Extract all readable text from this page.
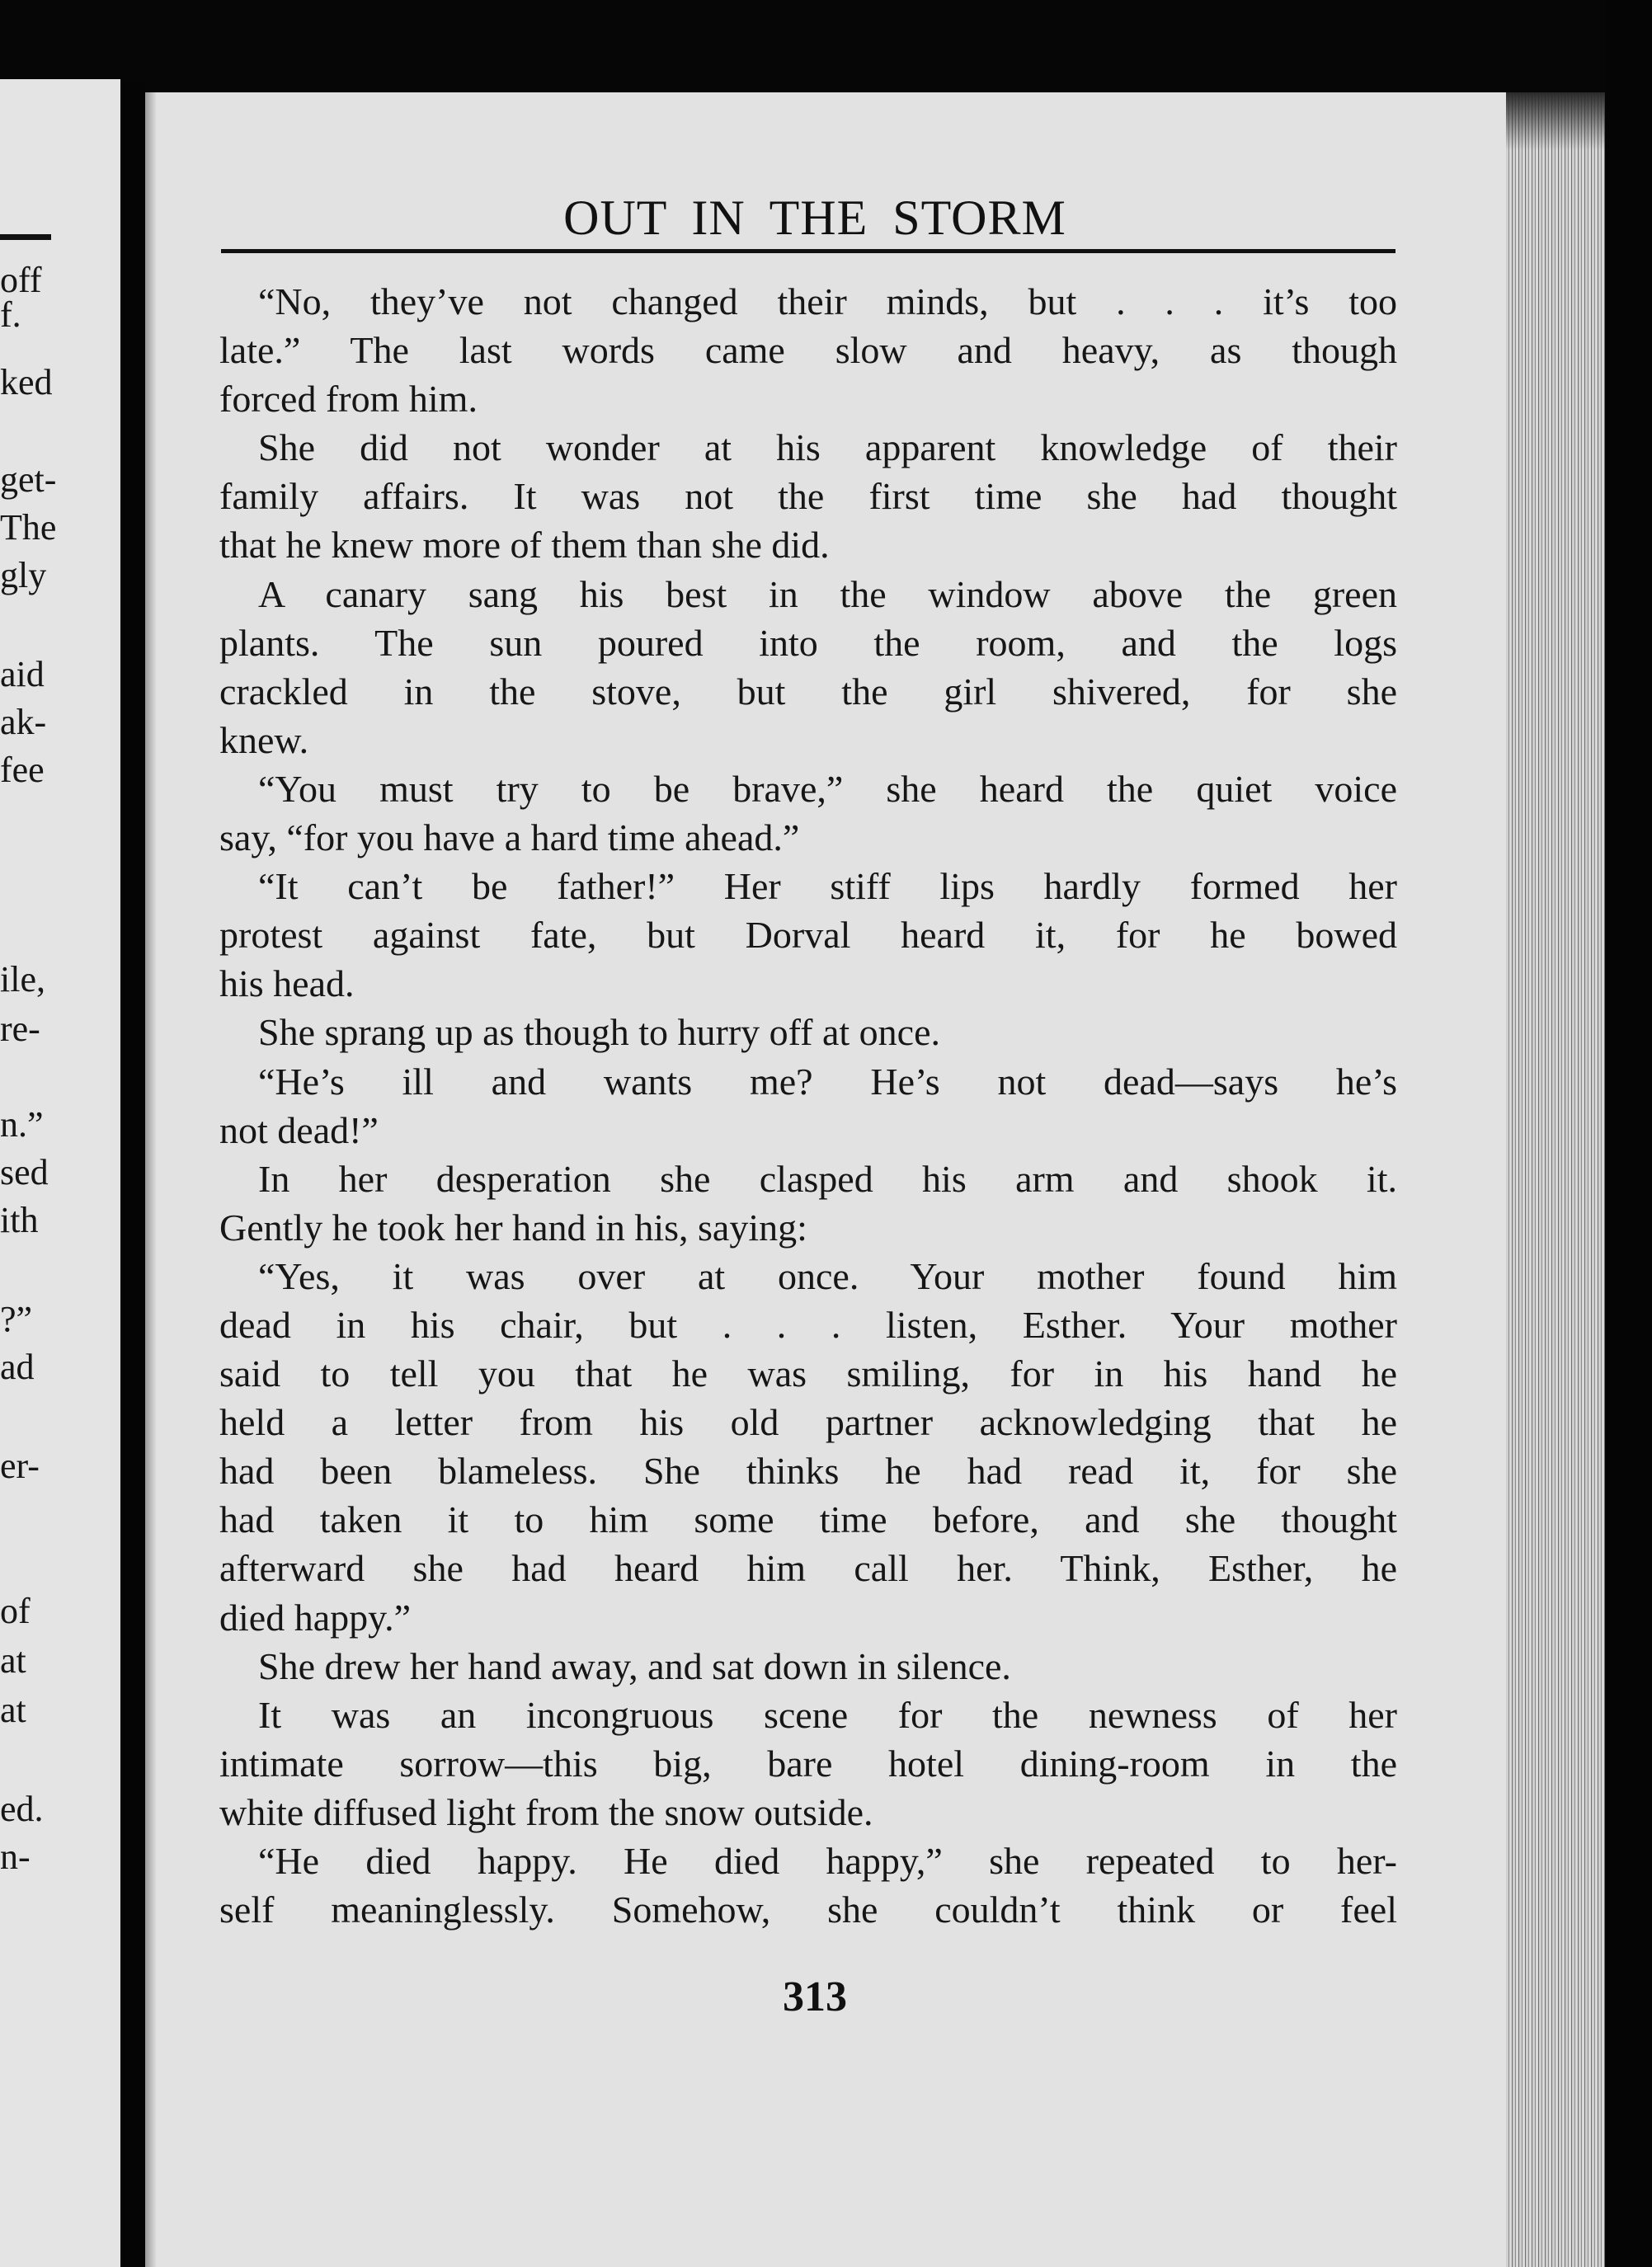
off
f.
ked
get-
The
gly
aid
ak-
fee
ile,
re-
n.”
sed
ith
?”
ad
er-
of
at
at
ed.
n-
OUT IN THE STORM
“No, they’ve not changed their minds, but . . . it’s too
late.” The last words came slow and heavy, as though
forced from him.
She did not wonder at his apparent knowledge of their
family affairs. It was not the first time she had thought
that he knew more of them than she did.
A canary sang his best in the window above the green
plants. The sun poured into the room, and the logs
crackled in the stove, but the girl shivered, for she
knew.
“You must try to be brave,” she heard the quiet voice
say, “for you have a hard time ahead.”
“It can’t be father!” Her stiff lips hardly formed her
protest against fate, but Dorval heard it, for he bowed
his head.
She sprang up as though to hurry off at once.
“He’s ill and wants me? He’s not dead—says he’s
not dead!”
In her desperation she clasped his arm and shook it.
Gently he took her hand in his, saying:
“Yes, it was over at once. Your mother found him
dead in his chair, but . . . listen, Esther. Your mother
said to tell you that he was smiling, for in his hand he
held a letter from his old partner acknowledging that he
had been blameless. She thinks he had read it, for she
had taken it to him some time before, and she thought
afterward she had heard him call her. Think, Esther, he
died happy.”
She drew her hand away, and sat down in silence.
It was an incongruous scene for the newness of her
intimate sorrow—this big, bare hotel dining-room in the
white diffused light from the snow outside.
“He died happy. He died happy,” she repeated to her-
self meaninglessly. Somehow, she couldn’t think or feel
313
